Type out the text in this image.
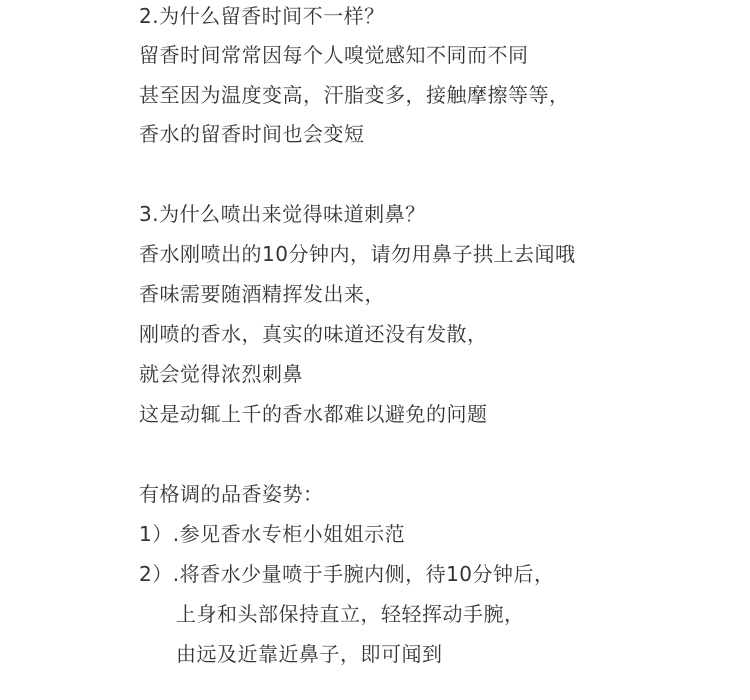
2.为什么留香时间不一样？
留香时间常常因每个人嗅觉感知不同而不同
甚至因为温度变高，汗脂变多，接触摩擦等等，
香水的留香时间也会变短
3.为什么喷出来觉得味道刺鼻？
香水刚喷出的10分钟内，请勿用鼻子拱上去闻哦
香味需要随酒精挥发出来，
刚喷的香水，真实的味道还没有发散，
就会觉得浓烈刺鼻
这是动辄上千的香水都难以避免的问题
有格调的品香姿势：
1）.参见香水专柜小姐姐示范
2）.将香水少量喷于手腕内侧，待10分钟后，
上身和头部保持直立，轻轻挥动手腕，
由远及近靠近鼻子，即可闻到
